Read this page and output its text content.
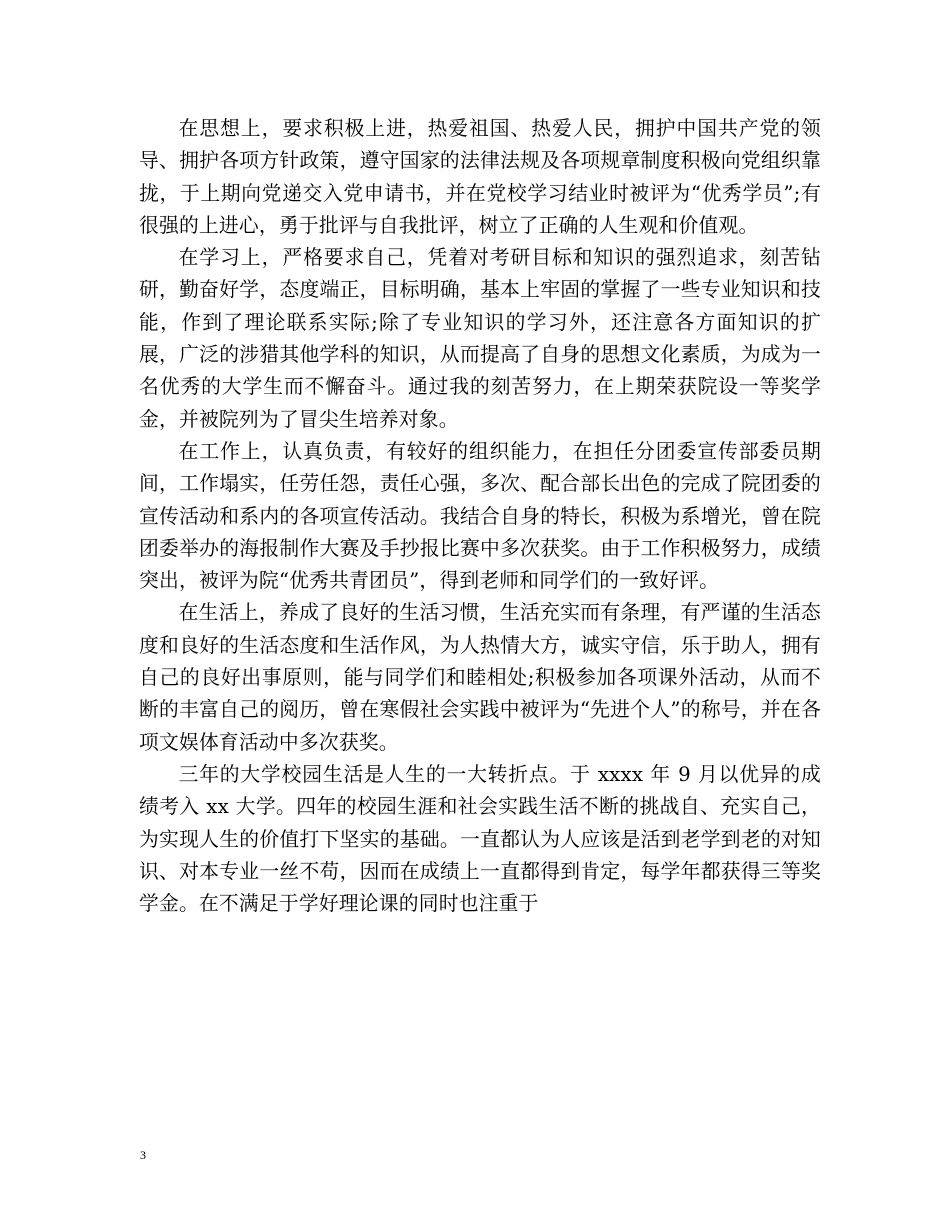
在思想上，要求积极上进，热爱祖国、热爱人民，拥护中国共产党的领导、拥护各项方针政策，遵守国家的法律法规及各项规章制度积极向党组织靠拢，于上期向党递交入党申请书，并在党校学习结业时被评为“优秀学员”;有很强的上进心，勇于批评与自我批评，树立了正确的人生观和价值观。

在学习上，严格要求自己，凭着对考研目标和知识的强烈追求，刻苦钻研，勤奋好学，态度端正，目标明确，基本上牢固的掌握了一些专业知识和技能，作到了理论联系实际;除了专业知识的学习外，还注意各方面知识的扩展，广泛的涉猎其他学科的知识，从而提高了自身的思想文化素质，为成为一名优秀的大学生而不懈奋斗。通过我的刻苦努力，在上期荣获院设一等奖学金，并被院列为了冒尖生培养对象。

在工作上，认真负责，有较好的组织能力，在担任分团委宣传部委员期间，工作塌实，任劳任怨，责任心强，多次、配合部长出色的完成了院团委的宣传活动和系内的各项宣传活动。我结合自身的特长，积极为系增光，曾在院团委举办的海报制作大赛及手抄报比赛中多次获奖。由于工作积极努力，成绩突出，被评为院“优秀共青团员”，得到老师和同学们的一致好评。

在生活上，养成了良好的生活习惯，生活充实而有条理，有严谨的生活态度和良好的生活态度和生活作风，为人热情大方，诚实守信，乐于助人，拥有自己的良好出事原则，能与同学们和睦相处;积极参加各项课外活动，从而不断的丰富自己的阅历，曾在寒假社会实践中被评为“先进个人”的称号，并在各项文娱体育活动中多次获奖。

三年的大学校园生活是人生的一大转折点。于 xxxx 年 9 月以优异的成绩考入 xx 大学。四年的校园生涯和社会实践生活不断的挑战自、充实自己，为实现人生的价值打下坚实的基础。一直都认为人应该是活到老学到老的对知识、对本专业一丝不苟，因而在成绩上一直都得到肯定，每学年都获得三等奖学金。在不满足于学好理论课的同时也注重于

3
